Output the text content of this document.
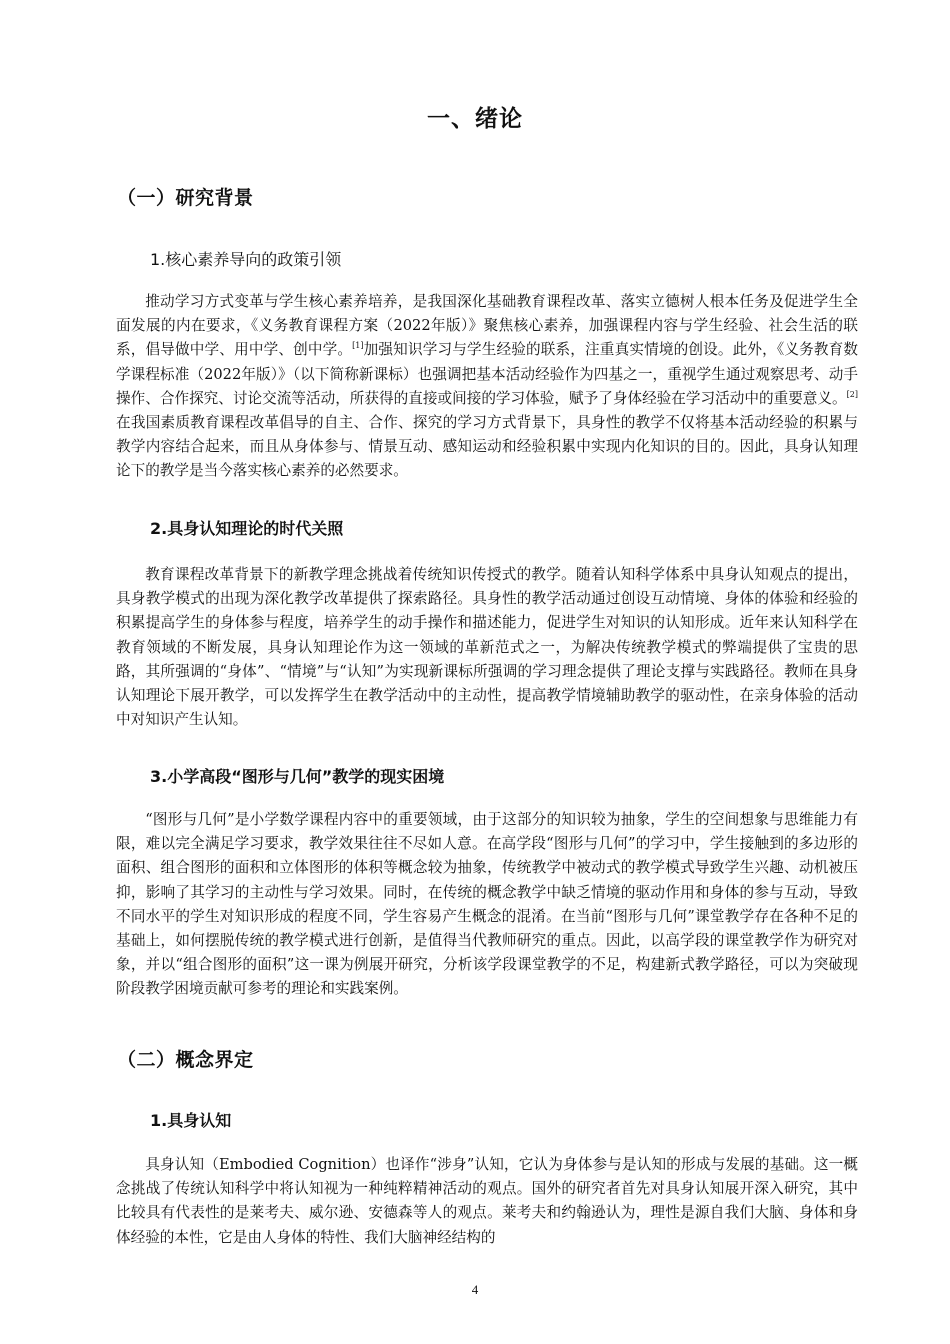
一、绪论
（一）研究背景
1.核心素养导向的政策引领
推动学习方式变革与学生核心素养培养，是我国深化基础教育课程改革、落实立德树人根本任务及促进学生全面发展的内在要求，《义务教育课程方案（2022年版）》聚焦核心素养，加强课程内容与学生经验、社会生活的联系，倡导做中学、用中学、创中学。[1]加强知识学习与学生经验的联系，注重真实情境的创设。此外，《义务教育数学课程标准（2022年版）》（以下简称新课标）也强调把基本活动经验作为四基之一，重视学生通过观察思考、动手操作、合作探究、讨论交流等活动，所获得的直接或间接的学习体验，赋予了身体经验在学习活动中的重要意义。[2]在我国素质教育课程改革倡导的自主、合作、探究的学习方式背景下，具身性的教学不仅将基本活动经验的积累与教学内容结合起来，而且从身体参与、情景互动、感知运动和经验积累中实现内化知识的目的。因此，具身认知理论下的教学是当今落实核心素养的必然要求。
2.具身认知理论的时代关照
教育课程改革背景下的新教学理念挑战着传统知识传授式的教学。随着认知科学体系中具身认知观点的提出，具身教学模式的出现为深化教学改革提供了探索路径。具身性的教学活动通过创设互动情境、身体的体验和经验的积累提高学生的身体参与程度，培养学生的动手操作和描述能力，促进学生对知识的认知形成。近年来认知科学在教育领域的不断发展，具身认知理论作为这一领域的革新范式之一，为解决传统教学模式的弊端提供了宝贵的思路，其所强调的“身体”、“情境”与“认知”为实现新课标所强调的学习理念提供了理论支撑与实践路径。教师在具身认知理论下展开教学，可以发挥学生在教学活动中的主动性，提高教学情境辅助教学的驱动性，在亲身体验的活动中对知识产生认知。
3.小学高段“图形与几何”教学的现实困境
“图形与几何”是小学数学课程内容中的重要领域，由于这部分的知识较为抽象，学生的空间想象与思维能力有限，难以完全满足学习要求，教学效果往往不尽如人意。在高学段“图形与几何”的学习中，学生接触到的多边形的面积、组合图形的面积和立体图形的体积等概念较为抽象，传统教学中被动式的教学模式导致学生兴趣、动机被压抑，影响了其学习的主动性与学习效果。同时，在传统的概念教学中缺乏情境的驱动作用和身体的参与互动，导致不同水平的学生对知识形成的程度不同，学生容易产生概念的混淆。在当前“图形与几何”课堂教学存在各种不足的基础上，如何摆脱传统的教学模式进行创新，是值得当代教师研究的重点。因此，以高学段的课堂教学作为研究对象，并以“组合图形的面积”这一课为例展开研究，分析该学段课堂教学的不足，构建新式教学路径，可以为突破现阶段教学困境贡献可参考的理论和实践案例。
（二）概念界定
1.具身认知
具身认知（Embodied Cognition）也译作“涉身”认知，它认为身体参与是认知的形成与发展的基础。这一概念挑战了传统认知科学中将认知视为一种纯粹精神活动的观点。国外的研究者首先对具身认知展开深入研究，其中比较具有代表性的是莱考夫、威尔逊、安德森等人的观点。莱考夫和约翰逊认为，理性是源自我们大脑、身体和身体经验的本性，它是由人身体的特性、我们大脑神经结构的
4
